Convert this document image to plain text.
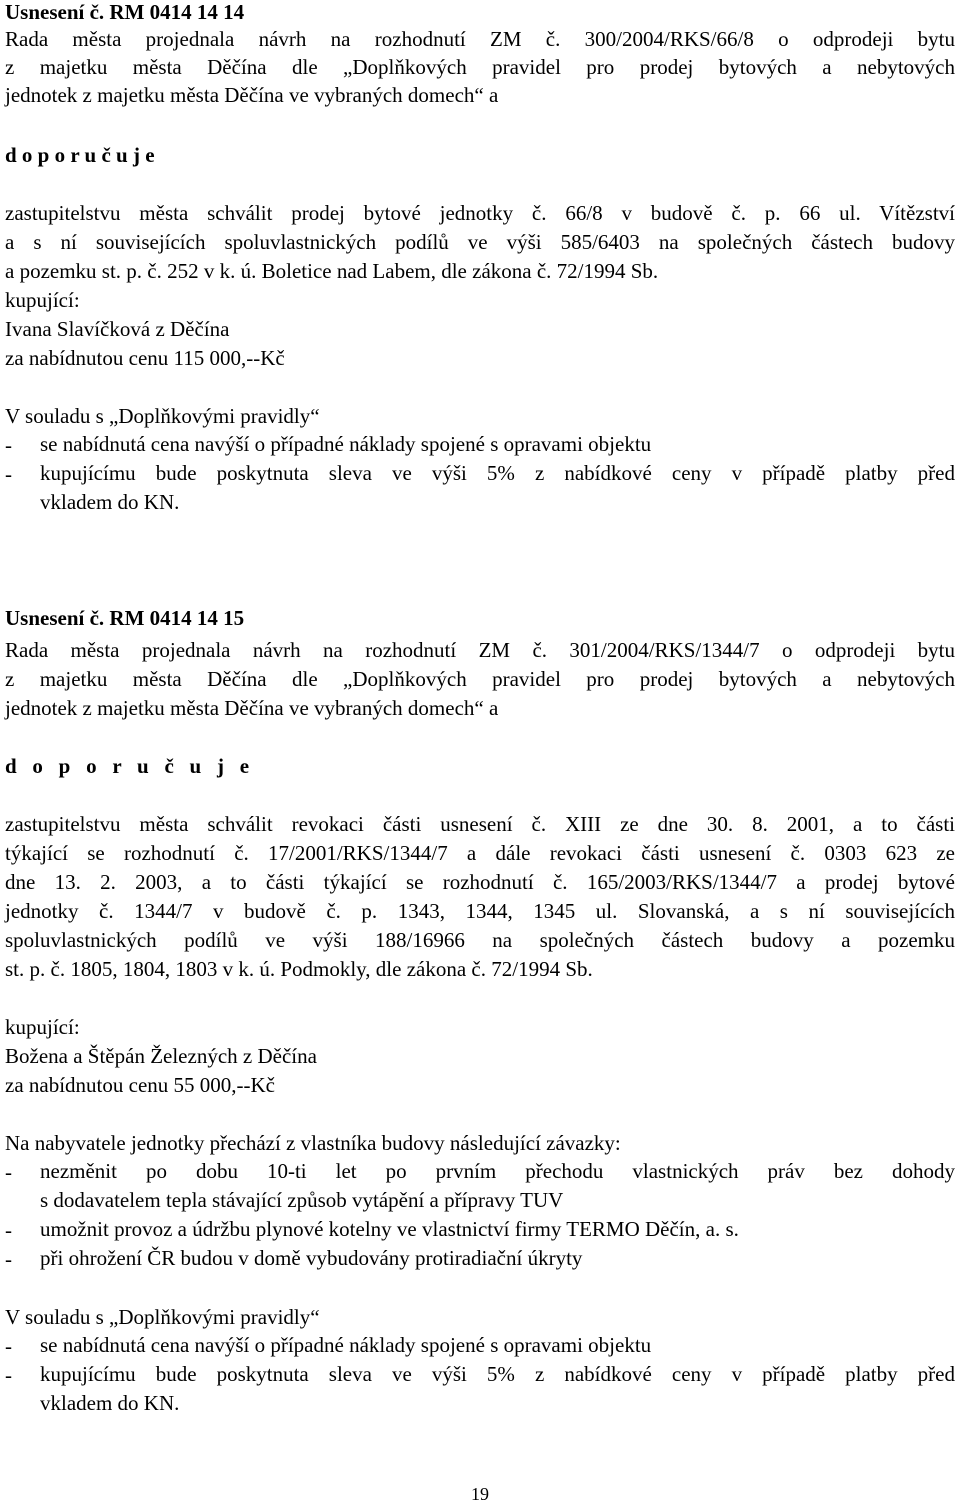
Usnesení č. RM 0414 14 14
Rada města projednala návrh na rozhodnutí ZM č. 300/2004/RKS/66/8 o odprodeji bytu
z majetku města Děčína dle „Doplňkových pravidel pro prodej bytových a nebytových
jednotek z majetku města Děčína ve vybraných domech“ a
d o p o r u č u j e
zastupitelstvu města schválit prodej bytové jednotky č. 66/8 v budově č. p. 66 ul. Vítězství
a s ní souvisejících spoluvlastnických podílů ve výši 585/6403 na společných částech budovy
a pozemku st. p. č. 252 v k. ú. Boletice nad Labem, dle zákona č. 72/1994 Sb.
kupující:
Ivana Slavíčková z Děčína
za nabídnutou cenu 115 000,--Kč
V souladu s „Doplňkovými pravidly“
- se nabídnutá cena navýší o případné náklady spojené s opravami objektu
- kupujícímu bude poskytnuta sleva ve výši 5% z nabídkové ceny v případě platby před
vkladem do KN.
Usnesení č. RM 0414 14 15
Rada města projednala návrh na rozhodnutí ZM č. 301/2004/RKS/1344/7 o odprodeji bytu
z majetku města Děčína dle „Doplňkových pravidel pro prodej bytových a nebytových
jednotek z majetku města Děčína ve vybraných domech“ a
d o p o r u č u j e
zastupitelstvu města schválit revokaci části usnesení č. XIII ze dne 30. 8. 2001, a to části
týkající se rozhodnutí č. 17/2001/RKS/1344/7 a dále revokaci části usnesení č. 0303 623 ze
dne 13. 2. 2003, a to části týkající se rozhodnutí č. 165/2003/RKS/1344/7 a prodej bytové
jednotky č. 1344/7 v budově č. p. 1343, 1344, 1345 ul. Slovanská, a s ní souvisejících
spoluvlastnických podílů ve výši 188/16966 na společných částech budovy a pozemku
st. p. č. 1805, 1804, 1803 v k. ú. Podmokly, dle zákona č. 72/1994 Sb.
kupující:
Božena a Štěpán Železných z Děčína
za nabídnutou cenu 55 000,--Kč
Na nabyvatele jednotky přechází z vlastníka budovy následující závazky:
- nezměnit po dobu 10-ti let po prvním přechodu vlastnických práv bez dohody
s dodavatelem tepla stávající způsob vytápění a přípravy TUV
- umožnit provoz a údržbu plynové kotelny ve vlastnictví firmy TERMO Děčín, a. s.
- při ohrožení ČR budou v domě vybudovány protiradiační úkryty
V souladu s „Doplňkovými pravidly“
- se nabídnutá cena navýší o případné náklady spojené s opravami objektu
- kupujícímu bude poskytnuta sleva ve výši 5% z nabídkové ceny v případě platby před
vkladem do KN.
19
